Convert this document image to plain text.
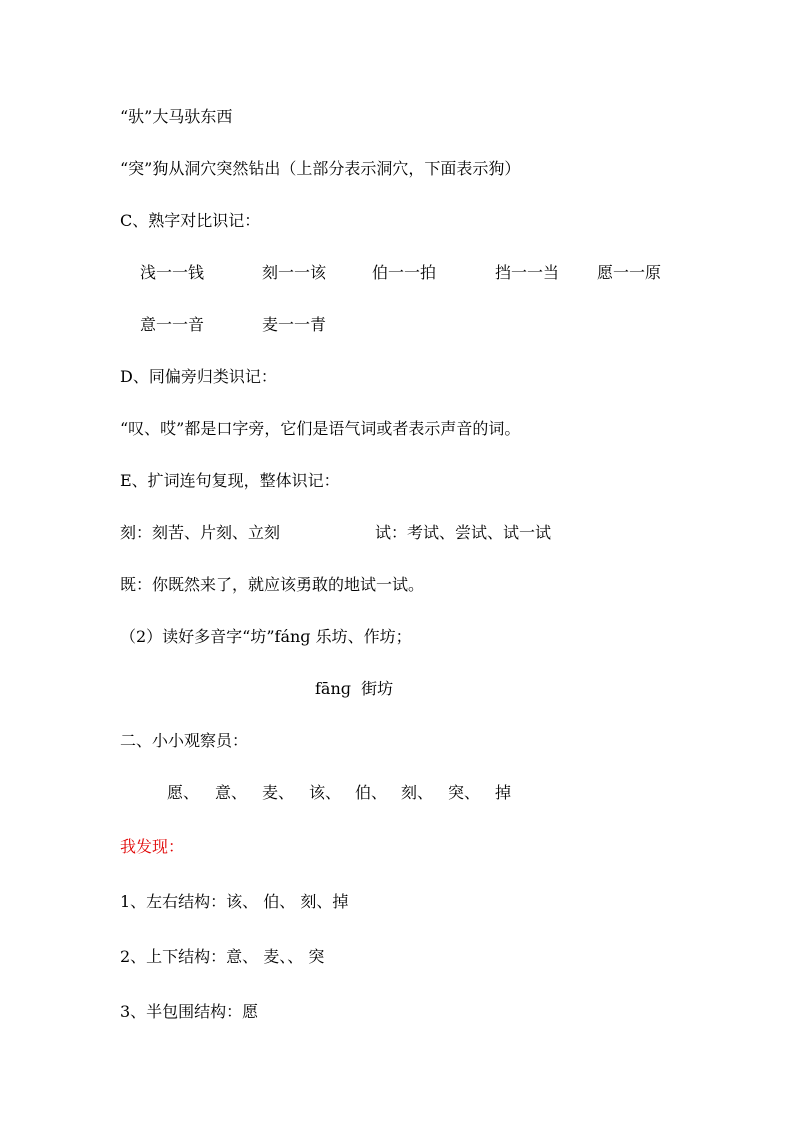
“驮”大马驮东西
“突”狗从洞穴突然钻出（上部分表示洞穴，下面表示狗）
C、熟字对比识记：

浅一一钱

	刻一一该

	伯一一拍

	挡一一当

愿一一原

意一一音

	麦一一青

D、同偏旁归类识记：
“叹、哎”都是口字旁，它们是语气词或者表示声音的词。
E、扩词连句复现，整体识记：

刻：刻苦、片刻、立刻

	试：考试、尝试、试一试

既：你既然来了，就应该勇敢的地试一试。
（2）读好多音字“坊”fánɡ 乐坊、作坊；
fānɡ  街坊
二、小小观察员：

愿、

意、

麦、

该、

伯、

刻、

突、

掉

我发现：
1、左右结构：该、 伯、 刻、掉
2、上下结构：意、 麦、、 突
3、半包围结构：愿
